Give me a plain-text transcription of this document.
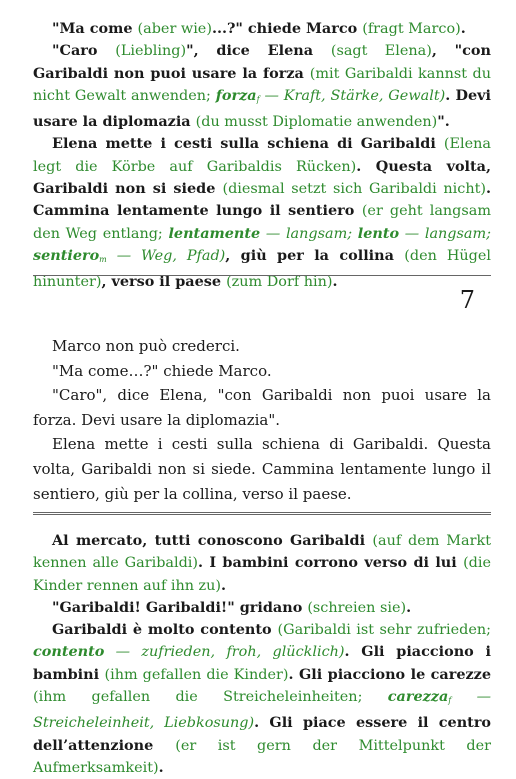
"Ma come (aber wie)...?" chiede Marco (fragt Marco).

"Caro (Liebling)", dice Elena (sagt Elena), "con Garibaldi non puoi usare la forza (mit Garibaldi kannst du nicht Gewalt anwenden; forza$_f$ — Kraft, Stärke, Gewalt). Devi usare la diplomazia (du musst Diplomatie anwenden)".

Elena mette i cesti sulla schiena di Garibaldi (Elena legt die Körbe auf Garibaldis Rücken). Questa volta, Garibaldi non si siede (diesmal setzt sich Garibaldi nicht). Cammina lentamente lungo il sentiero (er geht langsam den Weg entlang; lentamente — langsam; lento — langsam; sentiero$_m$ — Weg, Pfad), giù per la collina (den Hügel hinunter), verso il paese (zum Dorf hin).

7

Marco non può crederci.

"Ma come…?" chiede Marco.

"Caro", dice Elena, "con Garibaldi non puoi usare la forza. Devi usare la diplomazia".

Elena mette i cesti sulla schiena di Garibaldi. Questa volta, Garibaldi non si siede. Cammina lentamente lungo il sentiero, giù per la collina, verso il paese.

Al mercato, tutti conoscono Garibaldi (auf dem Markt kennen alle Garibaldi). I bambini corrono verso di lui (die Kinder rennen auf ihn zu).

"Garibaldi! Garibaldi!" gridano (schreien sie).

Garibaldi è molto contento (Garibaldi ist sehr zufrieden; contento — zufrieden, froh, glücklich). Gli piacciono i bambini (ihm gefallen die Kinder). Gli piacciono le carezze (ihm gefallen die Streicheleinheiten; carezza$_f$ — Streicheleinheit, Liebkosung). Gli piace essere il centro dell’attenzione (er ist gern der Mittelpunkt der Aufmerksamkeit).
